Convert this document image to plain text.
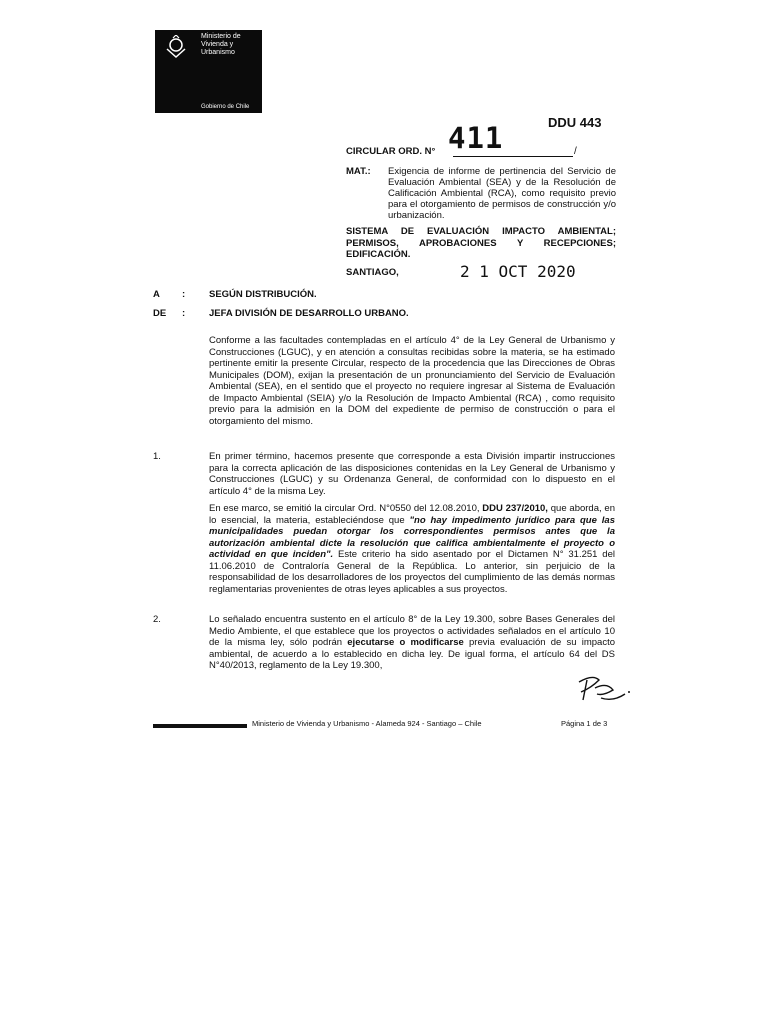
Ministerio de
Vivienda y
Urbanismo
Gobierno de Chile
DDU 443
411
CIRCULAR ORD. N°	/
MAT.: Exigencia de informe de pertinencia del Servicio de Evaluación Ambiental (SEA) y de la Resolución de Calificación Ambiental (RCA), como requisito previo para el otorgamiento de permisos de construcción y/o urbanización.
SISTEMA DE EVALUACIÓN IMPACTO AMBIENTAL; PERMISOS, APROBACIONES Y RECEPCIONES; EDIFICACIÓN.
SANTIAGO,	2 1 OCT 2020
A :	SEGÚN DISTRIBUCIÓN.
DE :	JEFA DIVISIÓN DE DESARROLLO URBANO.
Conforme a las facultades contempladas en el artículo 4° de la Ley General de Urbanismo y Construcciones (LGUC), y en atención a consultas recibidas sobre la materia, se ha estimado pertinente emitir la presente Circular, respecto de la procedencia que las Direcciones de Obras Municipales (DOM), exijan la presentación de un pronunciamiento del Servicio de Evaluación Ambiental (SEA), en el sentido que el proyecto no requiere ingresar al Sistema de Evaluación de Impacto Ambiental (SEIA) y/o la Resolución de Impacto Ambiental (RCA) , como requisito previo para la admisión en la DOM del expediente de permiso de construcción o para el otorgamiento del mismo.
1.	En primer término, hacemos presente que corresponde a esta División impartir instrucciones para la correcta aplicación de las disposiciones contenidas en la Ley General de Urbanismo y Construcciones (LGUC) y su Ordenanza General, de conformidad con lo dispuesto en el artículo 4° de la misma Ley.
En ese marco, se emitió la circular Ord. N°0550 del 12.08.2010, DDU 237/2010, que aborda, en lo esencial, la materia, estableciéndose que "no hay impedimento jurídico para que las municipalidades puedan otorgar los correspondientes permisos antes que la autorización ambiental dicte la resolución que califica ambientalmente el proyecto o actividad en que inciden". Este criterio ha sido asentado por el Dictamen N° 31.251 del 11.06.2010 de Contraloría General de la República. Lo anterior, sin perjuicio de la responsabilidad de los desarrolladores de los proyectos del cumplimiento de las demás normas reglamentarias provenientes de otras leyes aplicables a sus proyectos.
2.	Lo señalado encuentra sustento en el artículo 8° de la Ley 19.300, sobre Bases Generales del Medio Ambiente, el que establece que los proyectos o actividades señalados en el artículo 10 de la misma ley, sólo podrán ejecutarse o modificarse previa evaluación de su impacto ambiental, de acuerdo a lo establecido en dicha ley. De igual forma, el artículo 64 del DS N°40/2013, reglamento de la Ley 19.300,
Ministerio de Vivienda y Urbanismo - Alameda 924 - Santiago – Chile	Página 1 de 3
